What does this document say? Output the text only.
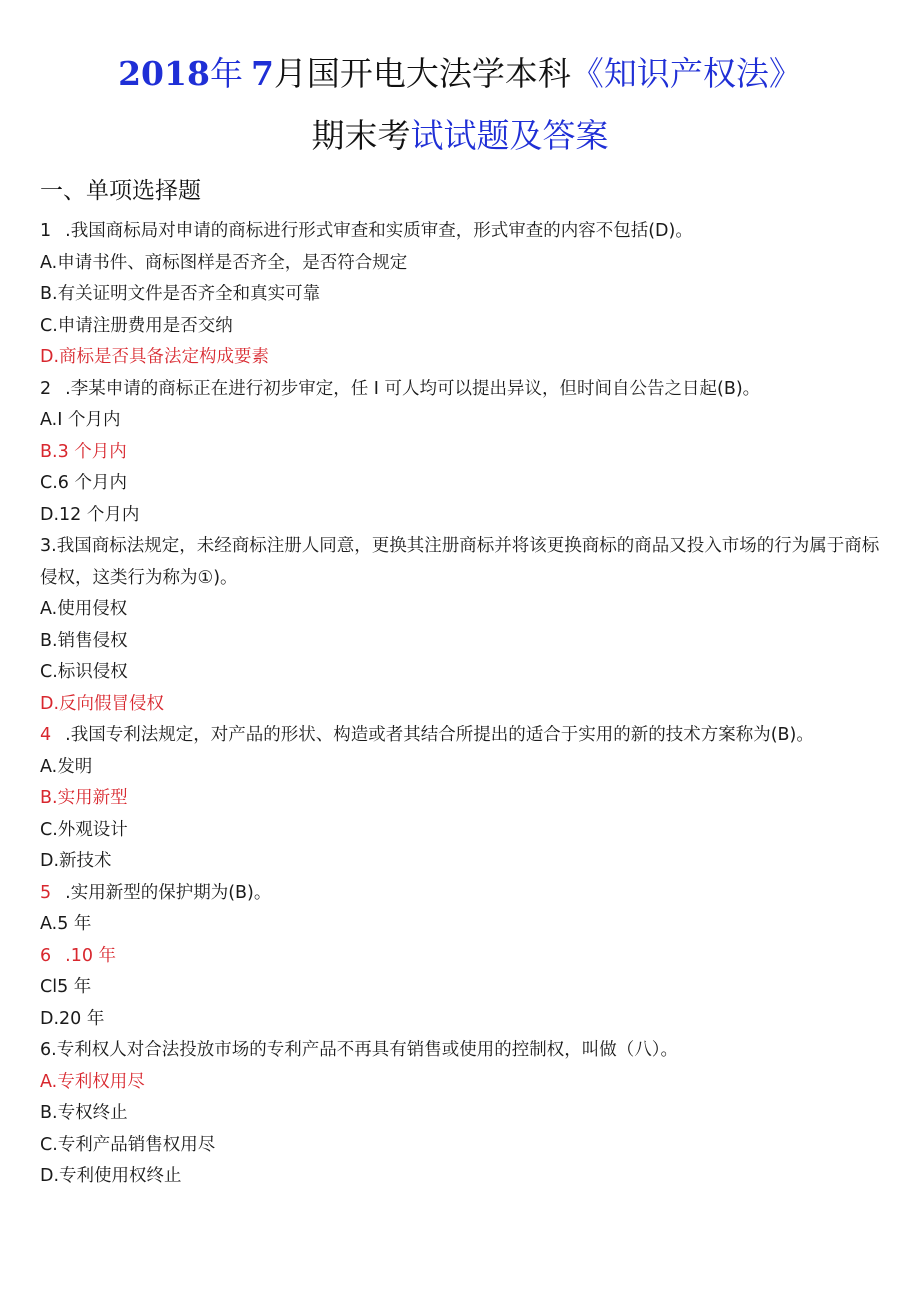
2018年 7月国开电大法学本科《知识产权法》
期末考试试题及答案
一、单项选择题
1 .我国商标局对申请的商标进行形式审查和实质审查，形式审查的内容不包括(D)。
A.申请书件、商标图样是否齐全，是否符合规定
B.有关证明文件是否齐全和真实可靠
C.申请注册费用是否交纳
D.商标是否具备法定构成要素
2 .李某申请的商标正在进行初步审定，任 I 可人均可以提出异议，但时间自公告之日起(B)。
A.I 个月内
B.3 个月内
C.6 个月内
D.12 个月内
3.我国商标法规定，未经商标注册人同意，更换其注册商标并将该更换商标的商品又投入市场的行为属于商标侵权，这类行为称为①)。
A.使用侵权
B.销售侵权
C.标识侵权
D.反向假冒侵权
4 .我国专利法规定，对产品的形状、构造或者其结合所提出的适合于实用的新的技术方案称为(B)。
A.发明
B.实用新型
C.外观设计
D.新技术
5 .实用新型的保护期为(B)。
A.5 年
6 .10 年
Cl5 年
D.20 年
6.专利权人对合法投放市场的专利产品不再具有销售或使用的控制权，叫做（八）。
A.专利权用尽
B.专权终止
C.专利产品销售权用尽
D.专利使用权终止
